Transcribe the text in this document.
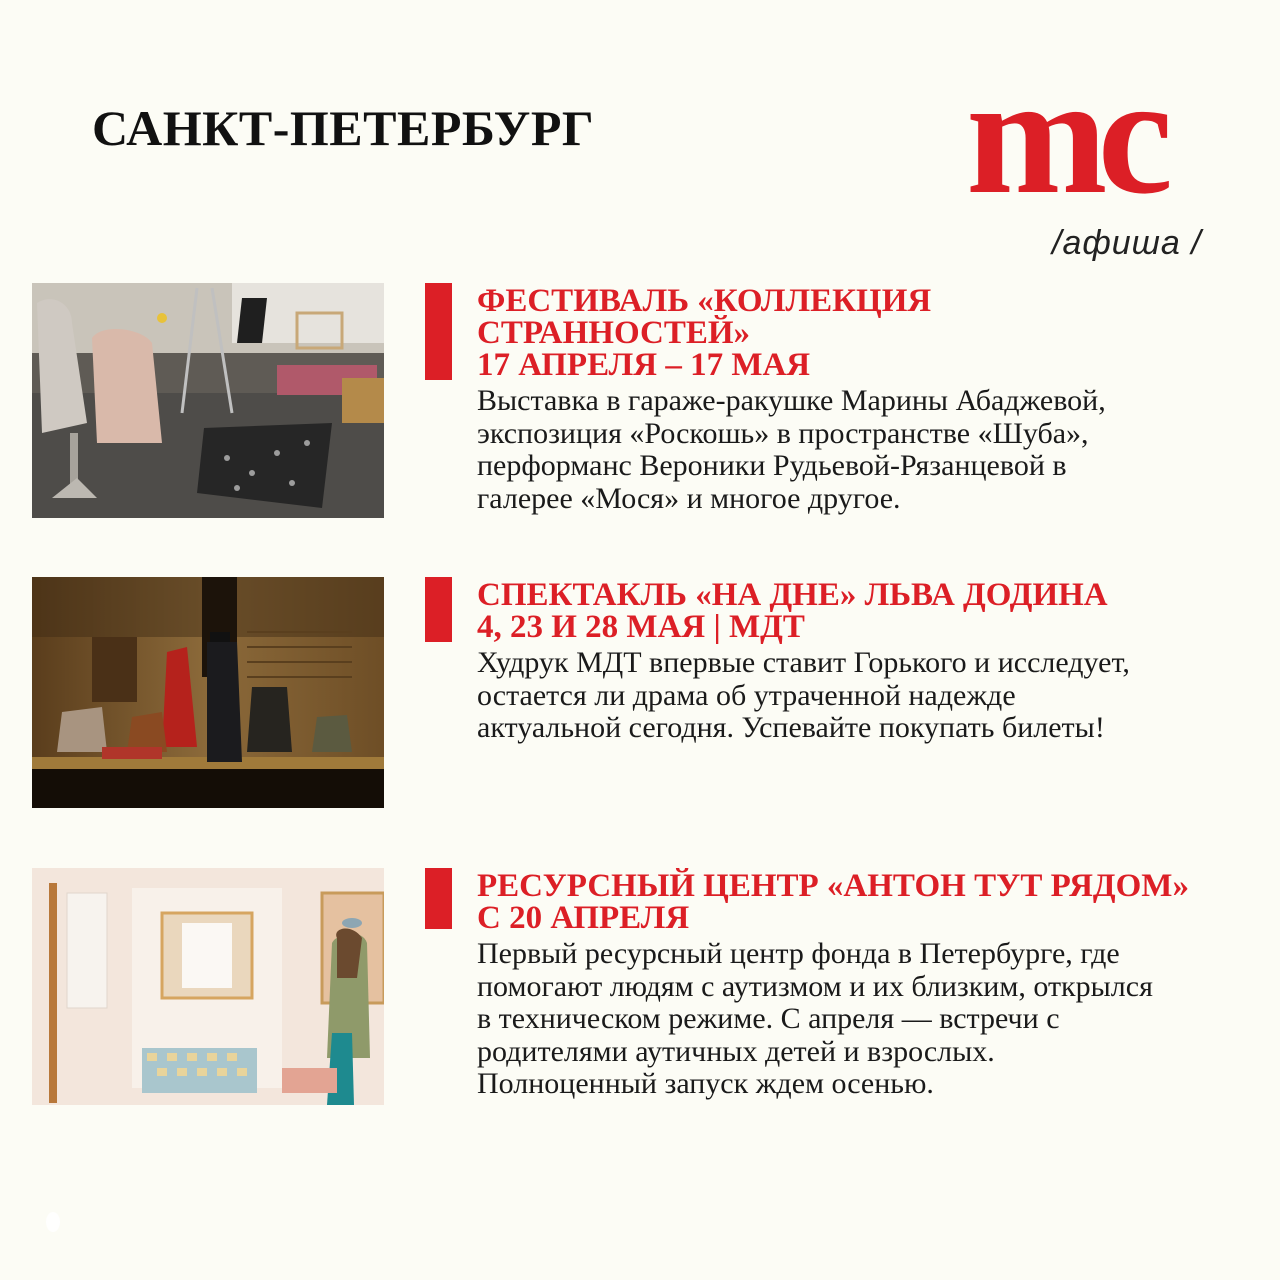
САНКТ-ПЕТЕРБУРГ mc
/афиша /
ФЕСТИВАЛЬ «КОЛЛЕКЦИЯ
СТРАННОСТЕЙ»
17 АПРЕЛЯ – 17 МАЯ

Выставка в гараже-ракушке Марины Абаджевой,
экспозиция «Роскошь» в пространстве «Шуба»,
перформанс Вероники Рудьевой-Рязанцевой в
галерее «Мося» и многое другое.

СПЕКТАКЛЬ «НА ДНЕ» ЛЬВА ДОДИНА
4, 23 И 28 МАЯ | МДТ

Худрук МДТ впервые ставит Горького и исследует,
остается ли драма об утраченной надежде
актуальной сегодня. Успевайте покупать билеты!

РЕСУРСНЫЙ ЦЕНТР «АНТОН ТУТ РЯДОМ»
С 20 АПРЕЛЯ

Первый ресурсный центр фонда в Петербурге, где
помогают людям с аутизмом и их близким, открылся
в техническом режиме. С апреля — встречи с
родителями аутичных детей и взрослых.
Полноценный запуск ждем осенью.
